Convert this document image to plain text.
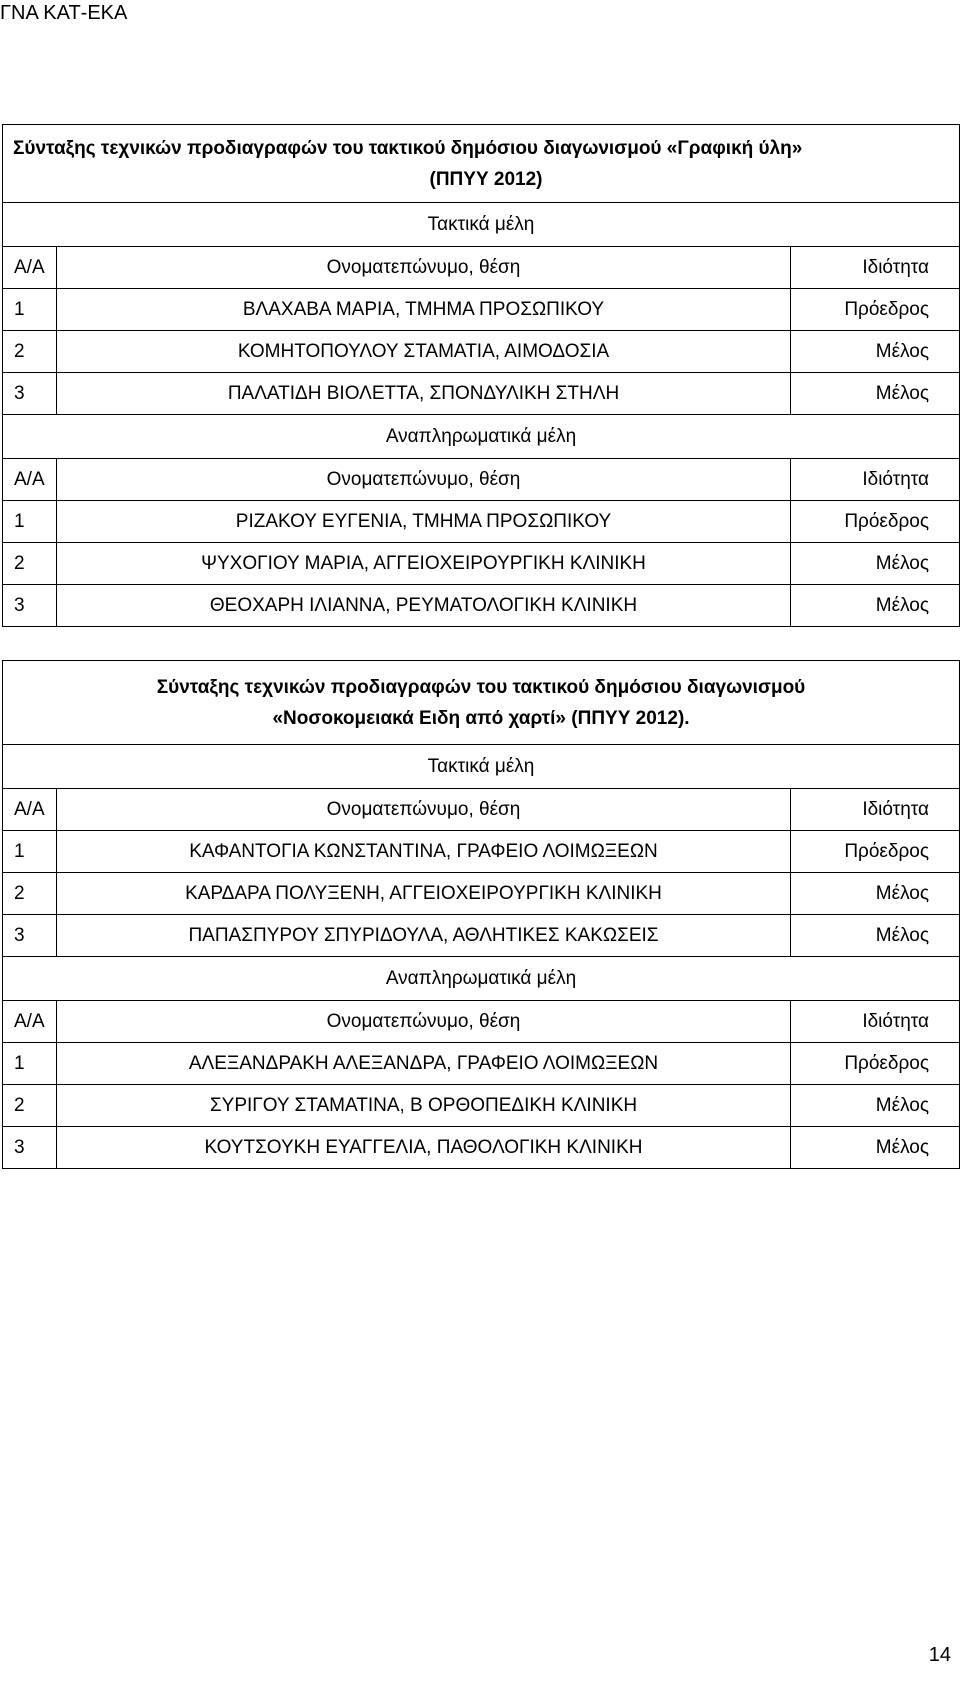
ΓΝΑ ΚΑΤ-ΕΚΑ
Σύνταξης τεχνικών προδιαγραφών του τακτικού δημόσιου διαγωνισμού «Γραφική ύλη»

(ΠΠΥΥ 2012)		

Τακτικά μέλη		
Α/Α	Ονοματεπώνυμο, θέση	Ιδιότητα
1	ΒΛΑΧΑΒΑ ΜΑΡΙΑ, ΤΜΗΜΑ ΠΡΟΣΩΠΙΚΟΥ	Πρόεδρος
2	ΚΟΜΗΤΟΠΟΥΛΟΥ ΣΤΑΜΑΤΙΑ, ΑΙΜΟΔΟΣΙΑ	Μέλος
3	ΠΑΛΑΤΙΔΗ ΒΙΟΛΕΤΤΑ, ΣΠΟΝΔΥΛΙΚΗ ΣΤΗΛΗ	Μέλος
Αναπληρωματικά μέλη		
Α/Α	Ονοματεπώνυμο, θέση	Ιδιότητα
1	ΡΙΖΑΚΟΥ ΕΥΓΕΝΙΑ, ΤΜΗΜΑ ΠΡΟΣΩΠΙΚΟΥ	Πρόεδρος
2	ΨΥΧΟΓΙΟΥ ΜΑΡΙΑ, ΑΓΓΕΙΟΧΕΙΡΟΥΡΓΙΚΗ ΚΛΙΝΙΚΗ	Μέλος
3	ΘΕΟΧΑΡΗ ΙΛΙΑΝΝΑ, ΡΕΥΜΑΤΟΛΟΓΙΚΗ ΚΛΙΝΙΚΗ	Μέλος
Σύνταξης τεχνικών προδιαγραφών του τακτικού δημόσιου διαγωνισμού
«Νοσοκομειακά Ειδη από χαρτί» (ΠΠΥΥ 2012).		
Τακτικά μέλη		
Α/Α	Ονοματεπώνυμο, θέση	Ιδιότητα
1	ΚΑΦΑΝΤΟΓΙΑ ΚΩΝΣΤΑΝΤΙΝΑ, ΓΡΑΦΕΙΟ ΛΟΙΜΩΞΕΩΝ	Πρόεδρος
2	ΚΑΡΔΑΡΑ ΠΟΛΥΞΕΝΗ, ΑΓΓΕΙΟΧΕΙΡΟΥΡΓΙΚΗ ΚΛΙΝΙΚΗ	Μέλος
3	ΠΑΠΑΣΠΥΡΟΥ ΣΠΥΡΙΔΟΥΛΑ, ΑΘΛΗΤΙΚΕΣ ΚΑΚΩΣΕΙΣ	Μέλος
Αναπληρωματικά μέλη		
Α/Α	Ονοματεπώνυμο, θέση	Ιδιότητα
1	ΑΛΕΞΑΝΔΡΑΚΗ ΑΛΕΞΑΝΔΡΑ, ΓΡΑΦΕΙΟ ΛΟΙΜΩΞΕΩΝ	Πρόεδρος
2	ΣΥΡΙΓΟΥ ΣΤΑΜΑΤΙΝΑ, Β ΟΡΘΟΠΕΔΙΚΗ ΚΛΙΝΙΚΗ	Μέλος
3	ΚΟΥΤΣΟΥΚΗ ΕΥΑΓΓΕΛΙΑ, ΠΑΘΟΛΟΓΙΚΗ ΚΛΙΝΙΚΗ	Μέλος
14
